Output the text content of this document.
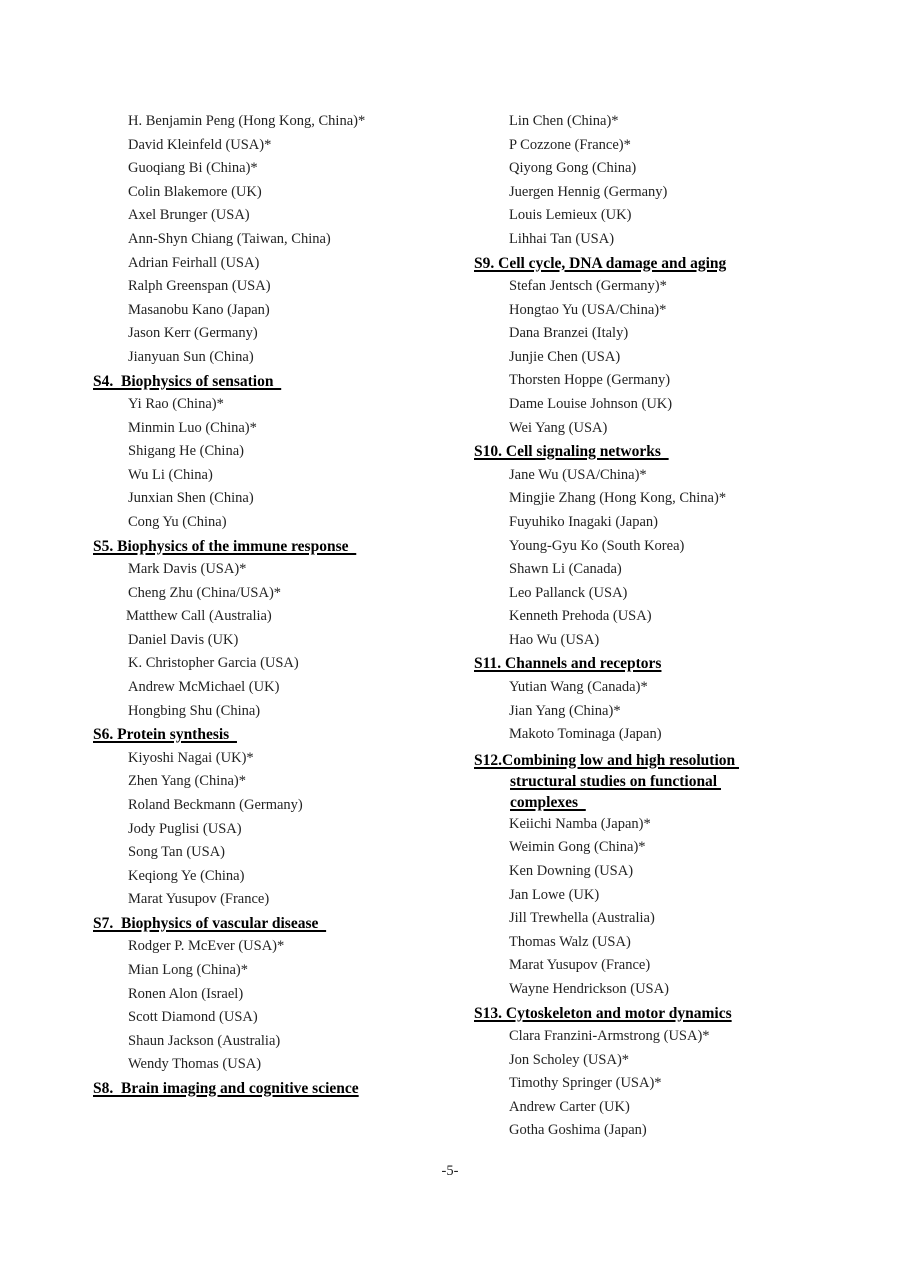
H. Benjamin Peng (Hong Kong, China)*
David Kleinfeld (USA)*
Guoqiang Bi (China)*
Colin Blakemore (UK)
Axel Brunger (USA)
Ann-Shyn Chiang (Taiwan, China)
Adrian Feirhall (USA)
Ralph Greenspan (USA)
Masanobu Kano (Japan)
Jason Kerr (Germany)
Jianyuan Sun (China)
S4.  Biophysics of sensation
Yi Rao (China)*
Minmin Luo (China)*
Shigang He (China)
Wu Li (China)
Junxian Shen (China)
Cong Yu (China)
S5. Biophysics of the immune response
Mark Davis (USA)*
Cheng Zhu (China/USA)*
Matthew Call (Australia)
Daniel Davis (UK)
K. Christopher Garcia (USA)
Andrew McMichael (UK)
Hongbing Shu (China)
S6. Protein synthesis
Kiyoshi Nagai (UK)*
Zhen Yang (China)*
Roland Beckmann (Germany)
Jody Puglisi (USA)
Song Tan (USA)
Keqiong Ye (China)
Marat Yusupov (France)
S7.  Biophysics of vascular disease
Rodger P. McEver (USA)*
Mian Long (China)*
Ronen Alon (Israel)
Scott Diamond (USA)
Shaun Jackson (Australia)
Wendy Thomas (USA)
S8.  Brain imaging and cognitive science
Lin Chen (China)*
P Cozzone (France)*
Qiyong Gong (China)
Juergen Hennig (Germany)
Louis Lemieux (UK)
Lihhai Tan (USA)
S9. Cell cycle, DNA damage and aging
Stefan Jentsch (Germany)*
Hongtao Yu (USA/China)*
Dana Branzei (Italy)
Junjie Chen (USA)
Thorsten Hoppe (Germany)
Dame Louise Johnson (UK)
Wei Yang (USA)
S10. Cell signaling networks
Jane Wu (USA/China)*
Mingjie Zhang (Hong Kong, China)*
Fuyuhiko Inagaki (Japan)
Young-Gyu Ko (South Korea)
Shawn Li (Canada)
Leo Pallanck (USA)
Kenneth Prehoda (USA)
Hao Wu (USA)
S11. Channels and receptors
Yutian Wang (Canada)*
Jian Yang (China)*
Makoto Tominaga (Japan)
S12.Combining low and high resolution
structural studies on functional
complexes
Keiichi Namba (Japan)*
Weimin Gong (China)*
Ken Downing (USA)
Jan Lowe (UK)
Jill Trewhella (Australia)
Thomas Walz (USA)
Marat Yusupov (France)
Wayne Hendrickson (USA)
S13. Cytoskeleton and motor dynamics
Clara Franzini-Armstrong (USA)*
Jon Scholey (USA)*
Timothy Springer (USA)*
Andrew Carter (UK)
Gotha Goshima (Japan)
-5-
